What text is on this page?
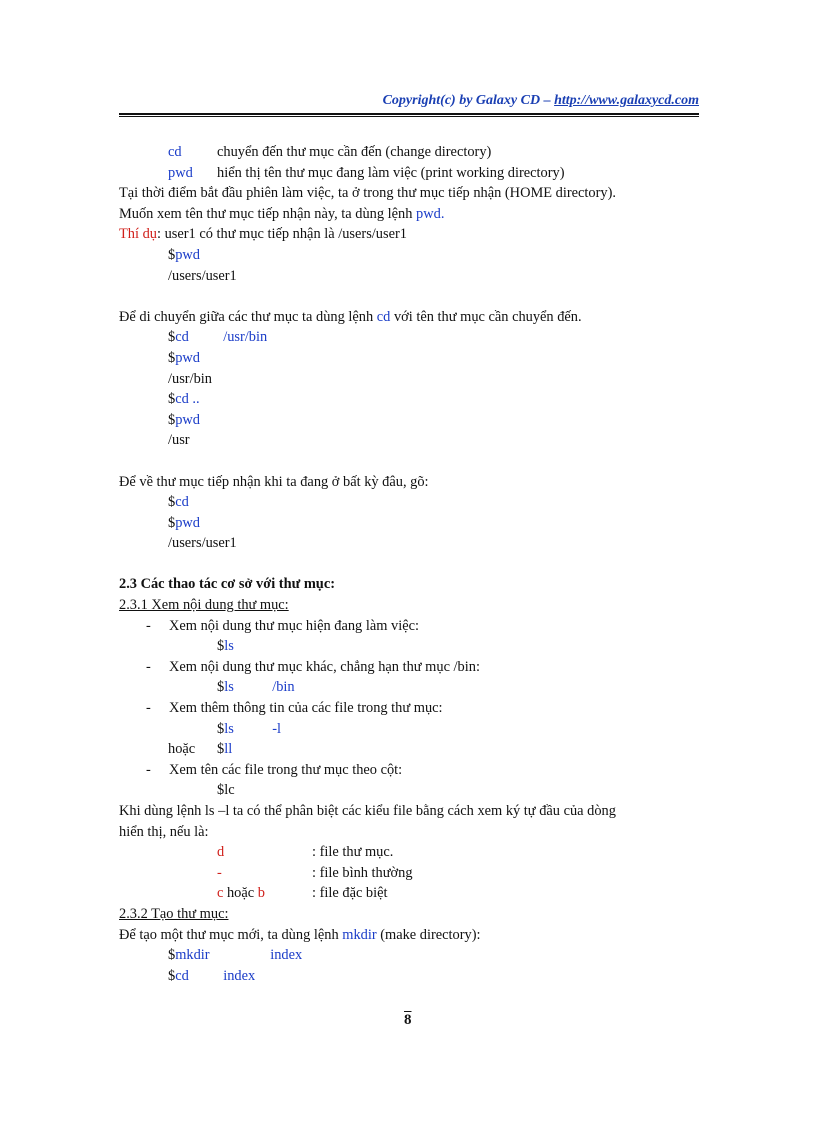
Copyright(c) by Galaxy CD – http://www.galaxycd.com
cd chuyển đến thư mục cần đến (change directory)
pwd hiển thị tên thư mục đang làm việc (print working directory)
Tại thời điểm bắt đầu phiên làm việc, ta ở trong thư mục tiếp nhận (HOME directory).
Muốn xem tên thư mục tiếp nhận này, ta dùng lệnh pwd.
Thí dụ: user1 có thư mục tiếp nhận là /users/user1
$pwd
/users/user1
Để di chuyển giữa các thư mục ta dùng lệnh cd với tên thư mục cần chuyển đến.
$cd /usr/bin
$pwd
/usr/bin
$cd ..
$pwd
/usr
Để về thư mục tiếp nhận khi ta đang ở bất kỳ đâu, gõ:
$cd
$pwd
/users/user1
2.3 Các thao tác cơ sở với thư mục:
2.3.1 Xem nội dung thư mục:
- Xem nội dung thư mục hiện đang làm việc:
$ls
- Xem nội dung thư mục khác, chẳng hạn thư mục /bin:
$ls	/bin
- Xem thêm thông tin của các file trong thư mục:
$ls	-l
hoặc $ll
- Xem tên các file trong thư mục theo cột:
$lc
Khi dùng lệnh ls –l ta có thể phân biệt các kiểu file bằng cách xem ký tự đầu của dòng
hiển thị, nếu là:
d	: file thư mục.
-	: file bình thường
c hoặc b	: file đặc biệt
2.3.2 Tạo thư mục:
Để tạo một thư mục mới, ta dùng lệnh mkdir (make directory):
$mkdir	index
$cd index
8
